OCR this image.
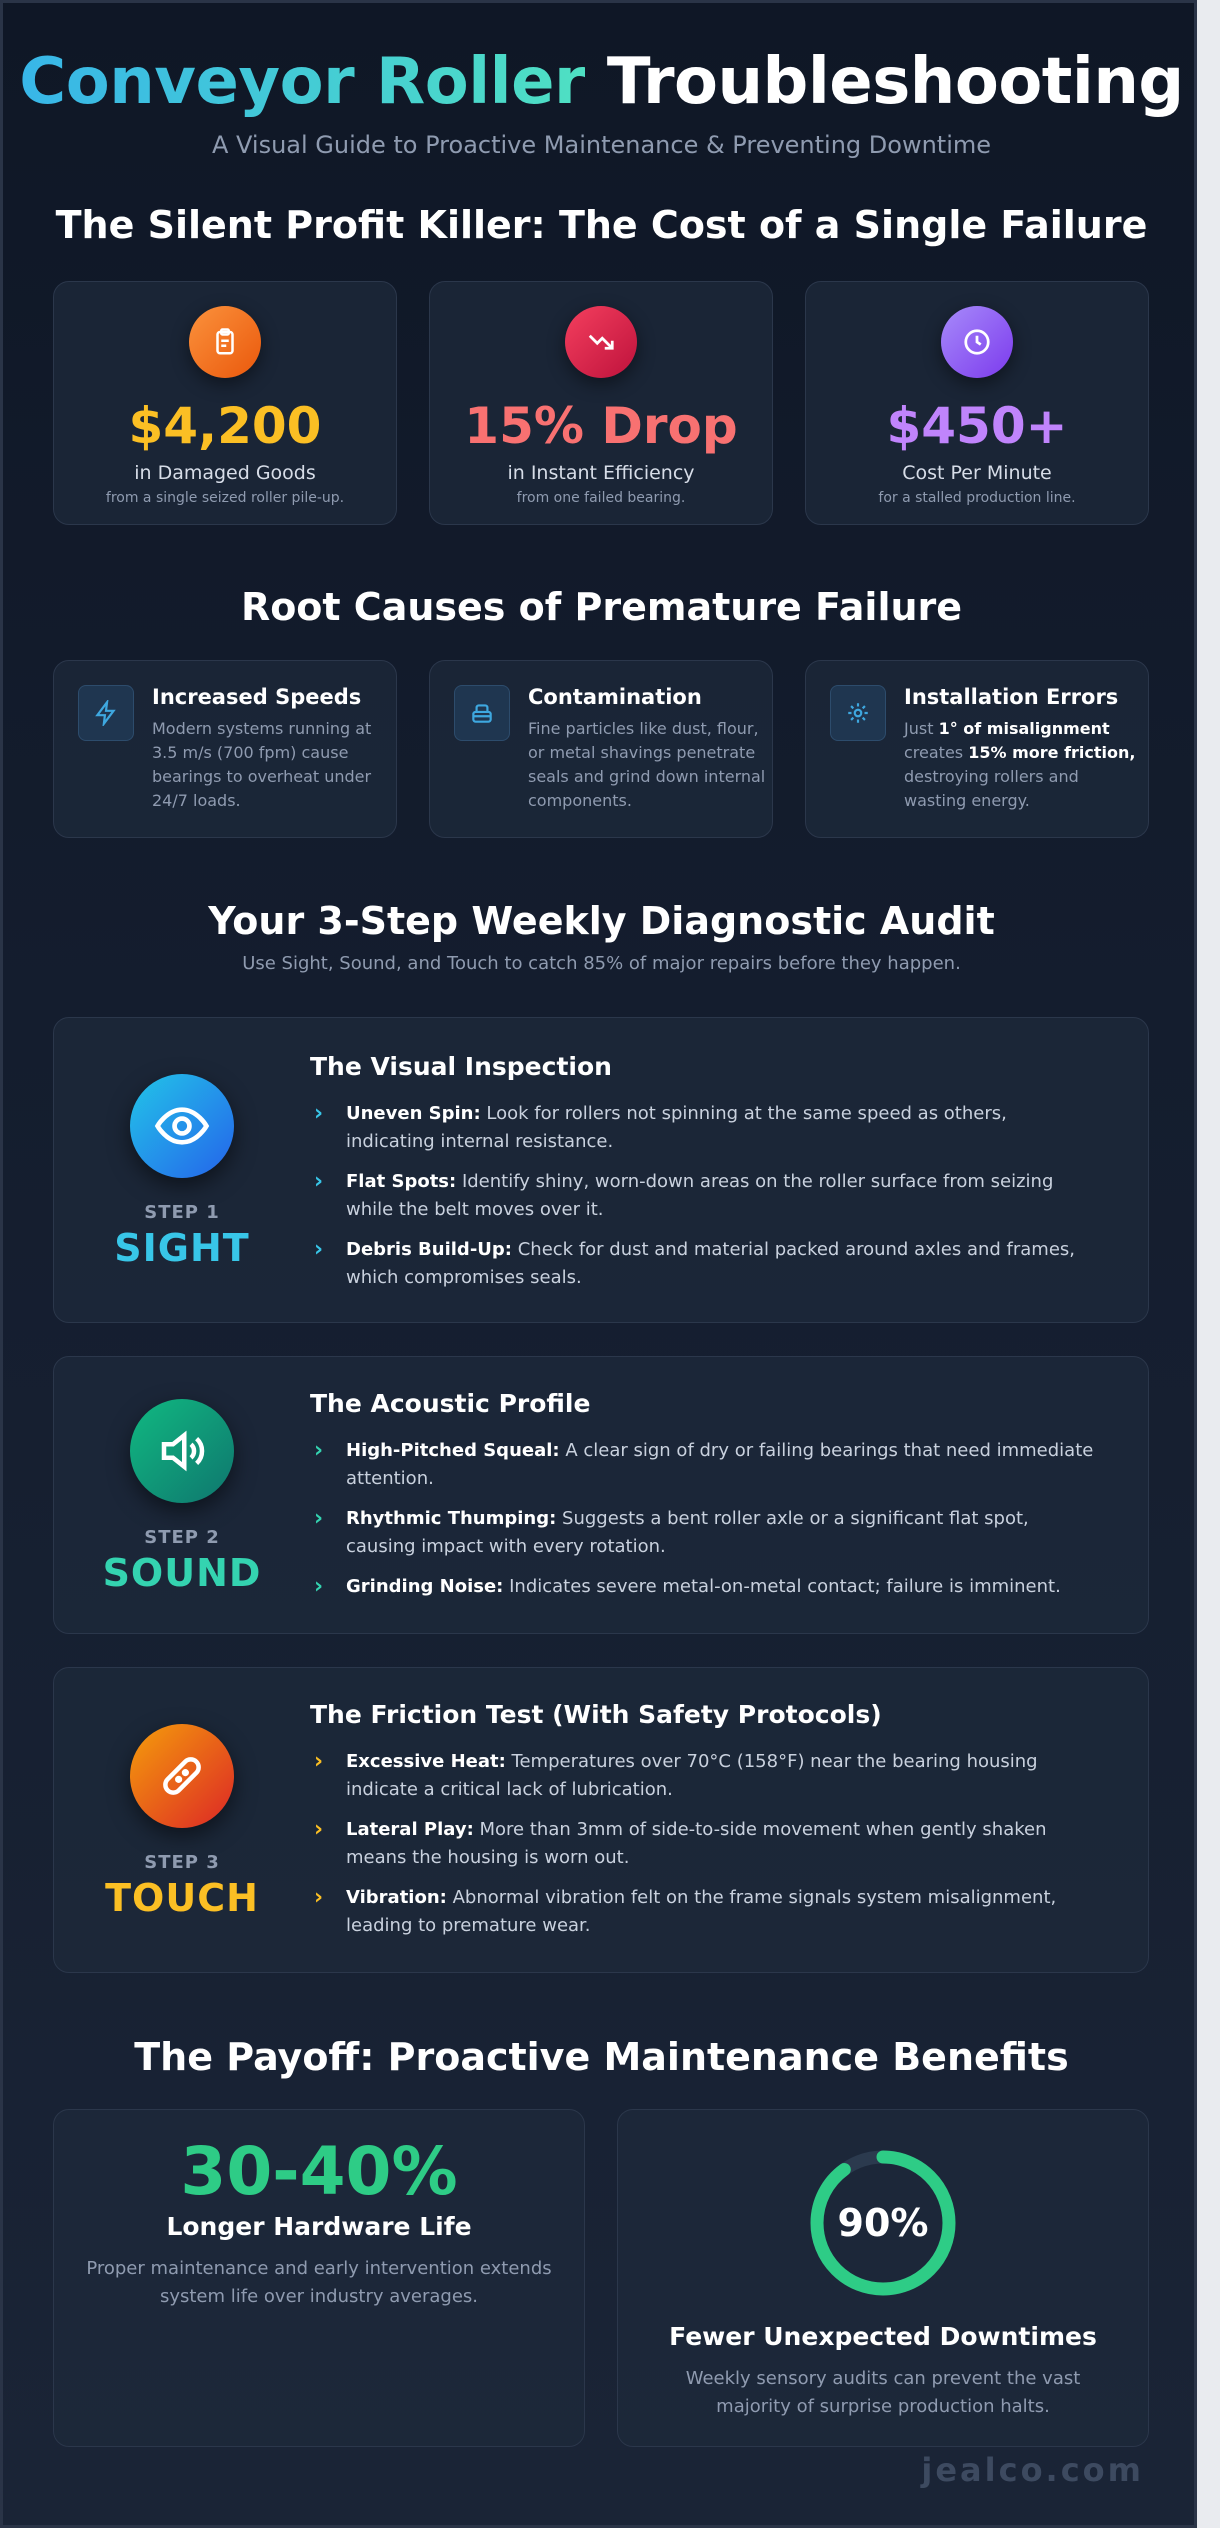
Conveyor Roller Troubleshooting
A Visual Guide to Proactive Maintenance & Preventing Downtime
The Silent Profit Killer: The Cost of a Single Failure
$4,200
in Damaged Goods
from a single seized roller pile-up.
15% Drop
in Instant Efficiency
from one failed bearing.
$450+
Cost Per Minute
for a stalled production line.
Root Causes of Premature Failure
Increased Speeds
Modern systems running at 3.5 m/s (700 fpm) cause bearings to overheat under 24/7 loads.
Contamination
Fine particles like dust, flour, or metal shavings penetrate seals and grind down internal components.
Installation Errors
Just 1° of misalignment creates 15% more friction, destroying rollers and wasting energy.
Your 3-Step Weekly Diagnostic Audit
Use Sight, Sound, and Touch to catch 85% of major repairs before they happen.
STEP 1
SIGHT
The Visual Inspection
› Uneven Spin: Look for rollers not spinning at the same speed as others, indicating internal resistance.
› Flat Spots: Identify shiny, worn-down areas on the roller surface from seizing while the belt moves over it.
› Debris Build-Up: Check for dust and material packed around axles and frames, which compromises seals.
STEP 2
SOUND
The Acoustic Profile
› High-Pitched Squeal: A clear sign of dry or failing bearings that need immediate attention.
› Rhythmic Thumping: Suggests a bent roller axle or a significant flat spot, causing impact with every rotation.
› Grinding Noise: Indicates severe metal-on-metal contact; failure is imminent.
STEP 3
TOUCH
The Friction Test (With Safety Protocols)
› Excessive Heat: Temperatures over 70°C (158°F) near the bearing housing indicate a critical lack of lubrication.
› Lateral Play: More than 3mm of side-to-side movement when gently shaken means the housing is worn out.
› Vibration: Abnormal vibration felt on the frame signals system misalignment, leading to premature wear.
The Payoff: Proactive Maintenance Benefits
30-40%
Longer Hardware Life
Proper maintenance and early intervention extends system life over industry averages.
90%
Fewer Unexpected Downtimes
Weekly sensory audits can prevent the vast majority of surprise production halts.
jealco.com
